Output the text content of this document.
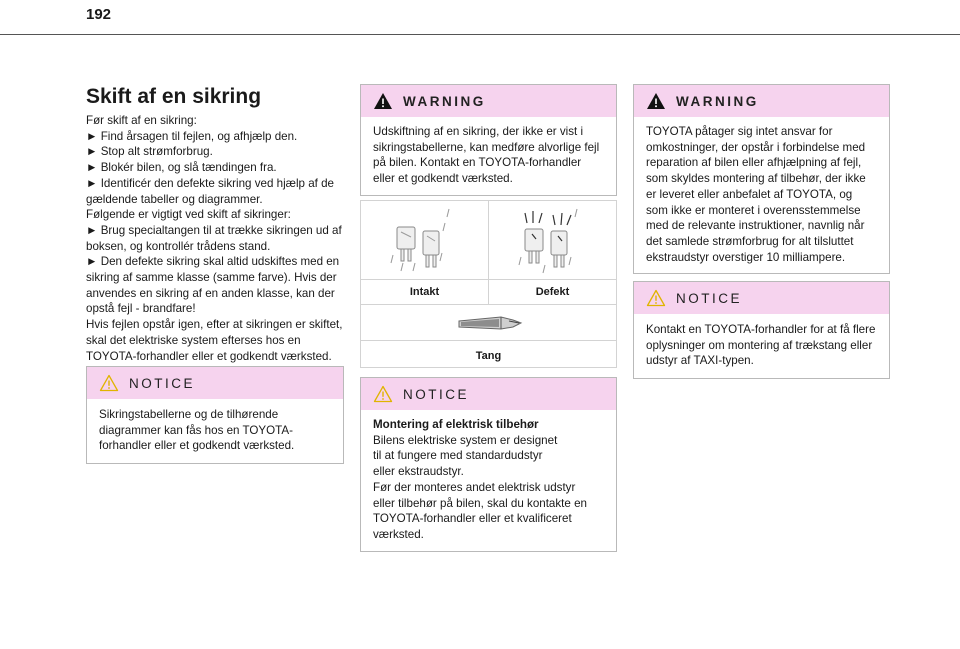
192
Skift af en sikring

Før skift af en sikring:

► Find årsagen til fejlen, og afhjælp den.

► Stop alt strømforbrug.

► Blokér bilen, og slå tændingen fra.

► Identificér den defekte sikring ved hjælp af de gældende tabeller og diagrammer.

Følgende er vigtigt ved skift af sikringer:

► Brug specialtangen til at trække sikringen ud af boksen, og kontrollér trådens stand.

► Den defekte sikring skal altid udskiftes med en sikring af samme klasse (samme farve). Hvis der anvendes en sikring af en anden klasse, kan der opstå fejl - brandfare!

Hvis fejlen opstår igen, efter at sikringen er skiftet, skal det elektriske system efterses hos en TOYOTA-forhandler eller et godkendt værksted.

NOTICE

Sikringstabellerne og de tilhørende diagrammer kan fås hos en TOYOTA-forhandler eller et godkendt værksted.

WARNING

Udskiftning af en sikring, der ikke er vist i sikringstabellerne, kan medføre alvorlige fejl på bilen. Kontakt en TOYOTA-forhandler eller et godkendt værksted.

Intakt	Defekt
Tang
NOTICE

Montering af elektrisk tilbehør

Bilens elektriske system er designet til at fungere med standardudstyr eller ekstraudstyr.

Før der monteres andet elektrisk udstyr eller tilbehør på bilen, skal du kontakte en TOYOTA-forhandler eller et kvalificeret værksted.

WARNING

TOYOTA påtager sig intet ansvar for omkostninger, der opstår i forbindelse med reparation af bilen eller afhjælpning af fejl, som skyldes montering af tilbehør, der ikke er leveret eller anbefalet af TOYOTA, og som ikke er monteret i overensstemmelse med de relevante instruktioner, navnlig når det samlede strømforbrug for alt tilsluttet ekstraudstyr overstiger 10 milliampere.

NOTICE

Kontakt en TOYOTA-forhandler for at få flere oplysninger om montering af trækstang eller udstyr af TAXI-typen.
